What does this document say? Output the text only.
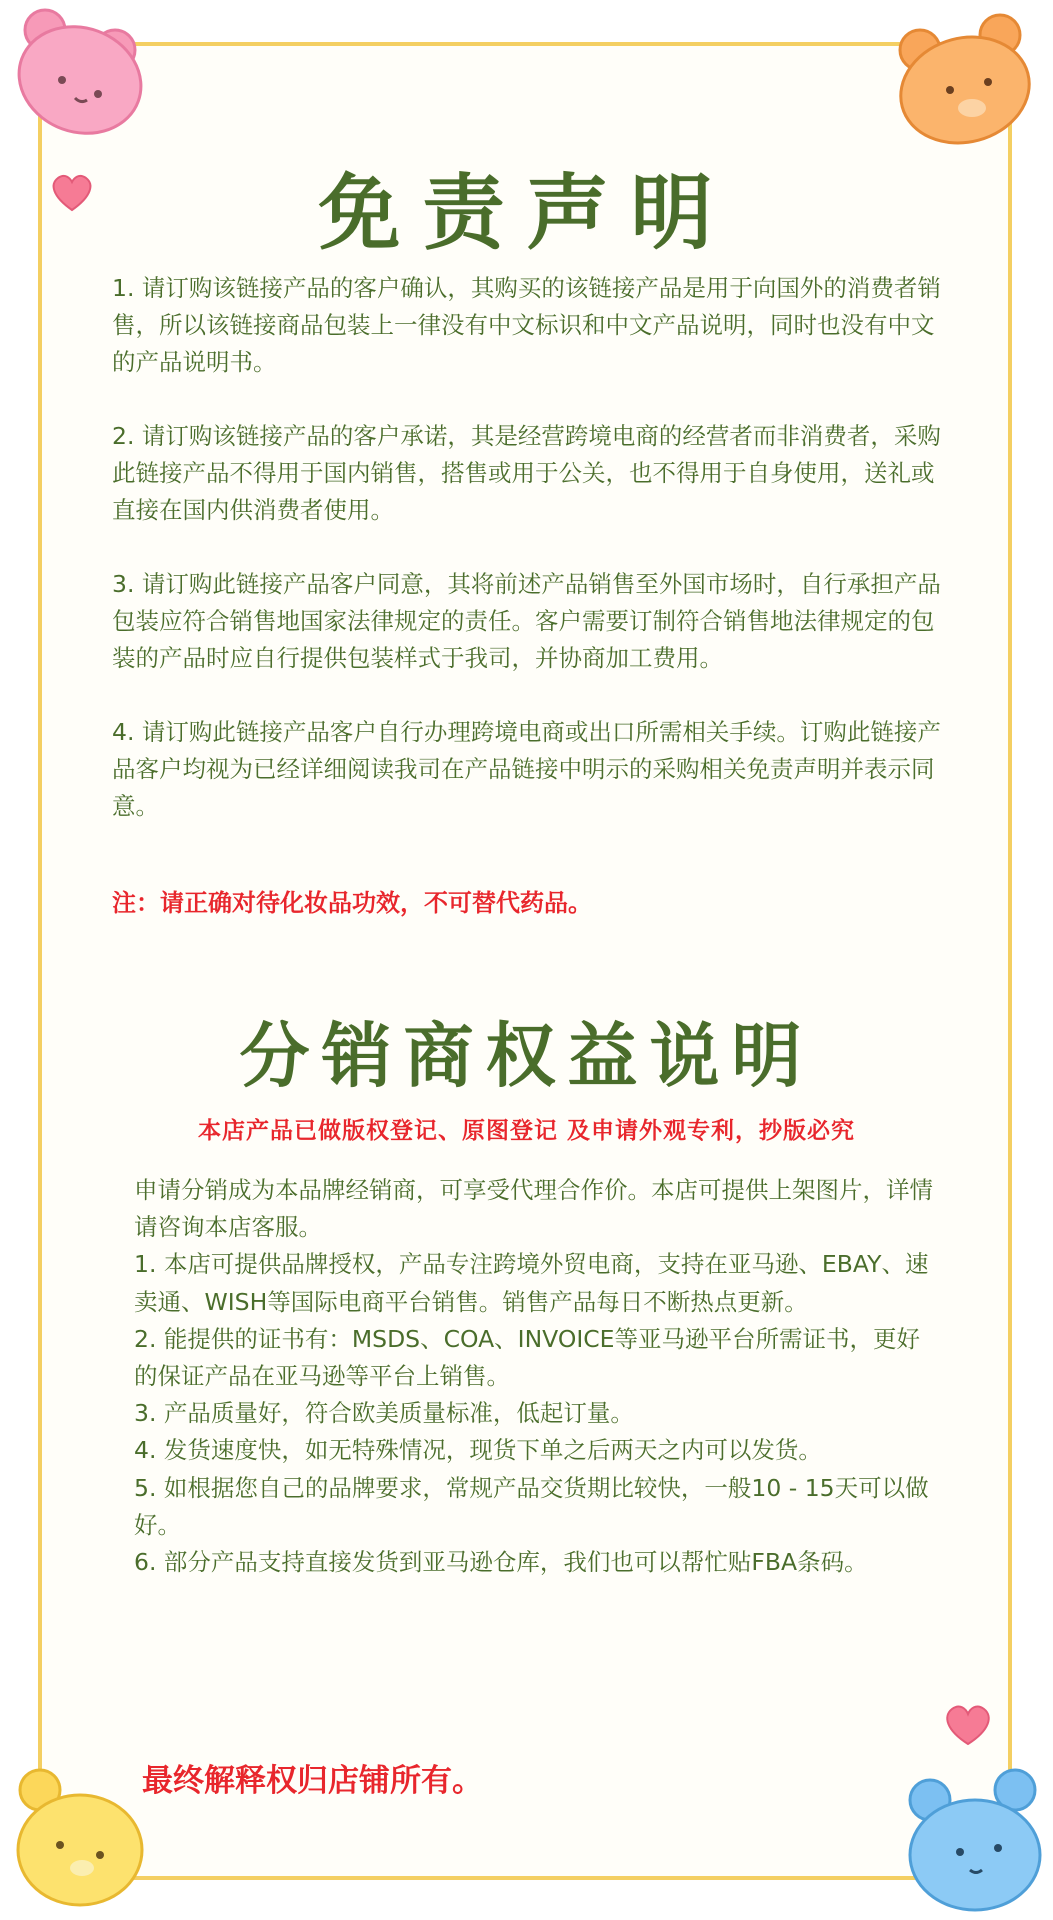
免责声明

1. 请订购该链接产品的客户确认，其购买的该链接产品是用于向国外的消费者销售，所以该链接商品包装上一律没有中文标识和中文产品说明，同时也没有中文的产品说明书。

2. 请订购该链接产品的客户承诺，其是经营跨境电商的经营者而非消费者，采购此链接产品不得用于国内销售，搭售或用于公关，也不得用于自身使用，送礼或直接在国内供消费者使用。

3. 请订购此链接产品客户同意，其将前述产品销售至外国市场时，自行承担产品包装应符合销售地国家法律规定的责任。客户需要订制符合销售地法律规定的包装的产品时应自行提供包装样式于我司，并协商加工费用。

4. 请订购此链接产品客户自行办理跨境电商或出口所需相关手续。订购此链接产品客户均视为已经详细阅读我司在产品链接中明示的采购相关免责声明并表示同意。

注：请正确对待化妆品功效，不可替代药品。
分销商权益说明
本店产品已做版权登记、原图登记 及申请外观专利，抄版必究

申请分销成为本品牌经销商，可享受代理合作价。本店可提供上架图片，详情请咨询本店客服。

1. 本店可提供品牌授权，产品专注跨境外贸电商，支持在亚马逊、EBAY、速卖通、WISH等国际电商平台销售。销售产品每日不断热点更新。

2. 能提供的证书有：MSDS、COA、INVOICE等亚马逊平台所需证书，更好的保证产品在亚马逊等平台上销售。

3. 产品质量好，符合欧美质量标准，低起订量。

4. 发货速度快，如无特殊情况，现货下单之后两天之内可以发货。

5. 如根据您自己的品牌要求，常规产品交货期比较快，一般10 - 15天可以做好。

6. 部分产品支持直接发货到亚马逊仓库，我们也可以帮忙贴FBA条码。

最终解释权归店铺所有。
